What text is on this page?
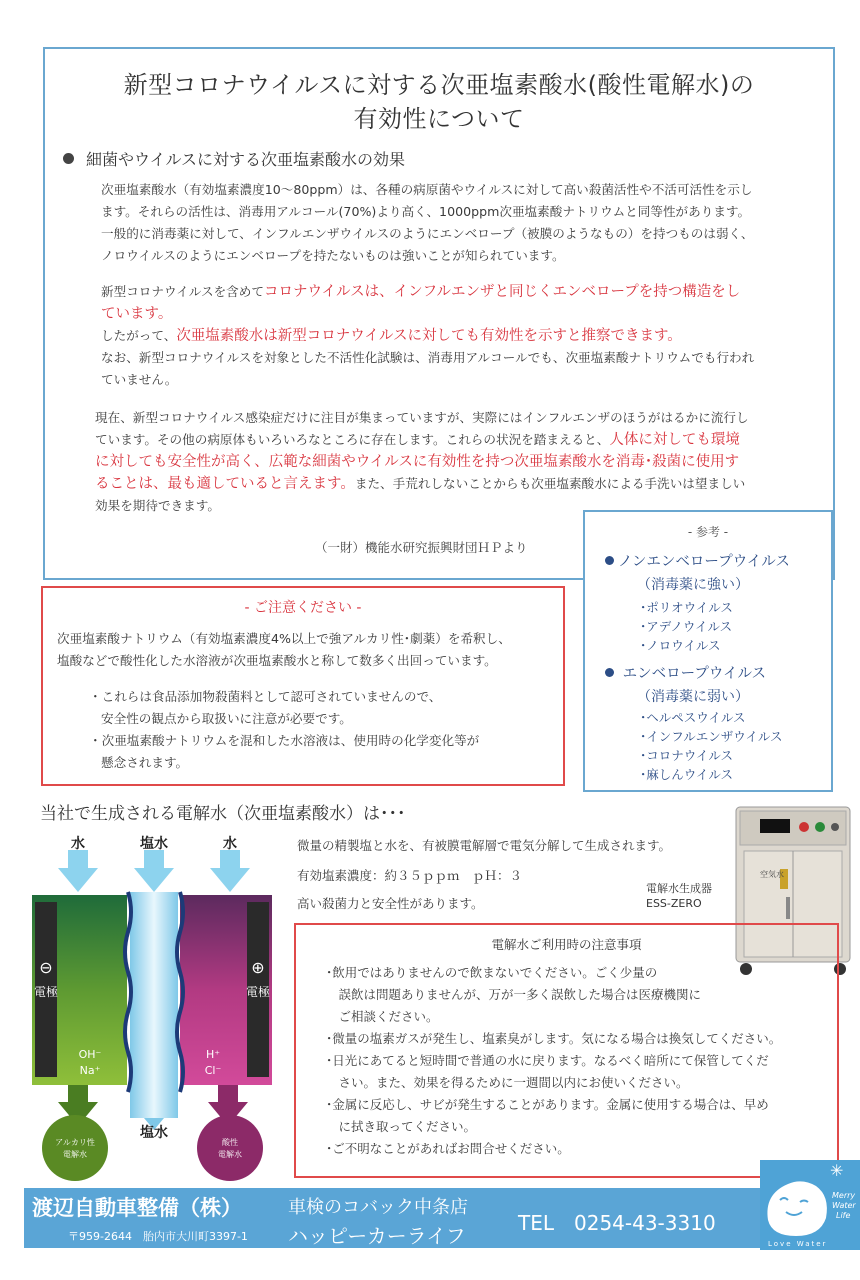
新型コロナウイルスに対する次亜塩素酸水(酸性電解水)の
有効性について
細菌やウイルスに対する次亜塩素酸水の効果
次亜塩素酸水（有効塩素濃度10～80ppm）は、各種の病原菌やウイルスに対して高い殺菌活性や不活可活性を示し
ます。それらの活性は、消毒用アルコール(70%)より高く、1000ppm次亜塩素酸ナトリウムと同等性があります。
一般的に消毒薬に対して、インフルエンザウイルスのようにエンベロープ（被膜のようなもの）を持つものは弱く、
ノロウイルスのようにエンベロープを持たないものは強いことが知られています。
新型コロナウイルスを含めてコロナウイルスは、インフルエンザと同じくエンベロープを持つ構造をし
ています。
したがって、次亜塩素酸水は新型コロナウイルスに対しても有効性を示すと推察できます。
なお、新型コロナウイルスを対象とした不活性化試験は、消毒用アルコールでも、次亜塩素酸ナトリウムでも行われ
ていません。
現在、新型コロナウイルス感染症だけに注目が集まっていますが、実際にはインフルエンザのほうがはるかに流行し
ています。その他の病原体もいろいろなところに存在します。これらの状況を踏まえると、人体に対しても環境
に対しても安全性が高く、広範な細菌やウイルスに有効性を持つ次亜塩素酸水を消毒･殺菌に使用す
ることは、最も適していると言えます。また、手荒れしないことからも次亜塩素酸水による手洗いは望ましい
効果を期待できます。
（一財）機能水研究振興財団ＨＰより
- 参考 -
ノンエンベロープウイルス
（消毒薬に強い）
･ポリオウイルス
･アデノウイルス
･ノロウイルス
エンベロープウイルス
（消毒薬に弱い）
･ヘルペスウイルス
･インフルエンザウイルス
･コロナウイルス
･麻しんウイルス
- ご注意ください -
次亜塩素酸ナトリウム（有効塩素濃度4%以上で強アルカリ性･劇薬）を希釈し、
塩酸などで酸性化した水溶液が次亜塩素酸水と称して数多く出回っています。
・これらは食品添加物殺菌料として認可されていませんので、
安全性の観点から取扱いに注意が必要です。
・次亜塩素酸ナトリウムを混和した水溶液は、使用時の化学変化等が
懸念されます。
当社で生成される電解水（次亜塩素酸水）は･･･
水	塩水	水
⊖
電極
⊕
電極
OH⁻
Na⁺
H⁺
Cl⁻
塩水
アルカリ性
電解水
酸性
電解水
微量の精製塩と水を、有被膜電解層で電気分解して生成されます。
有効塩素濃度：約３５ｐｐｍ　ｐＨ：３
高い殺菌力と安全性があります。
電解水生成器
ESS-ZERO
空気水
電解水ご利用時の注意事項
･飲用ではありませんので飲まないでください。ごく少量の
　誤飲は問題ありませんが、万が一多く誤飲した場合は医療機関に
　ご相談ください。
･微量の塩素ガスが発生し、塩素臭がします。気になる場合は換気してください。
･日光にあてると短時間で普通の水に戻ります。なるべく暗所にて保管してくだ
　さい。また、効果を得るために一週間以内にお使いください。
･金属に反応し、サビが発生することがあります。金属に使用する場合は、早め
　に拭き取ってください。
･ご不明なことがあればお問合せください。
渡辺自動車整備（株）
〒959-2644　胎内市大川町3397-1
車検のコバック中条店
ハッピーカーライフ
TEL　0254-43-3310
✳
Merry
Water
Life
Love Water
